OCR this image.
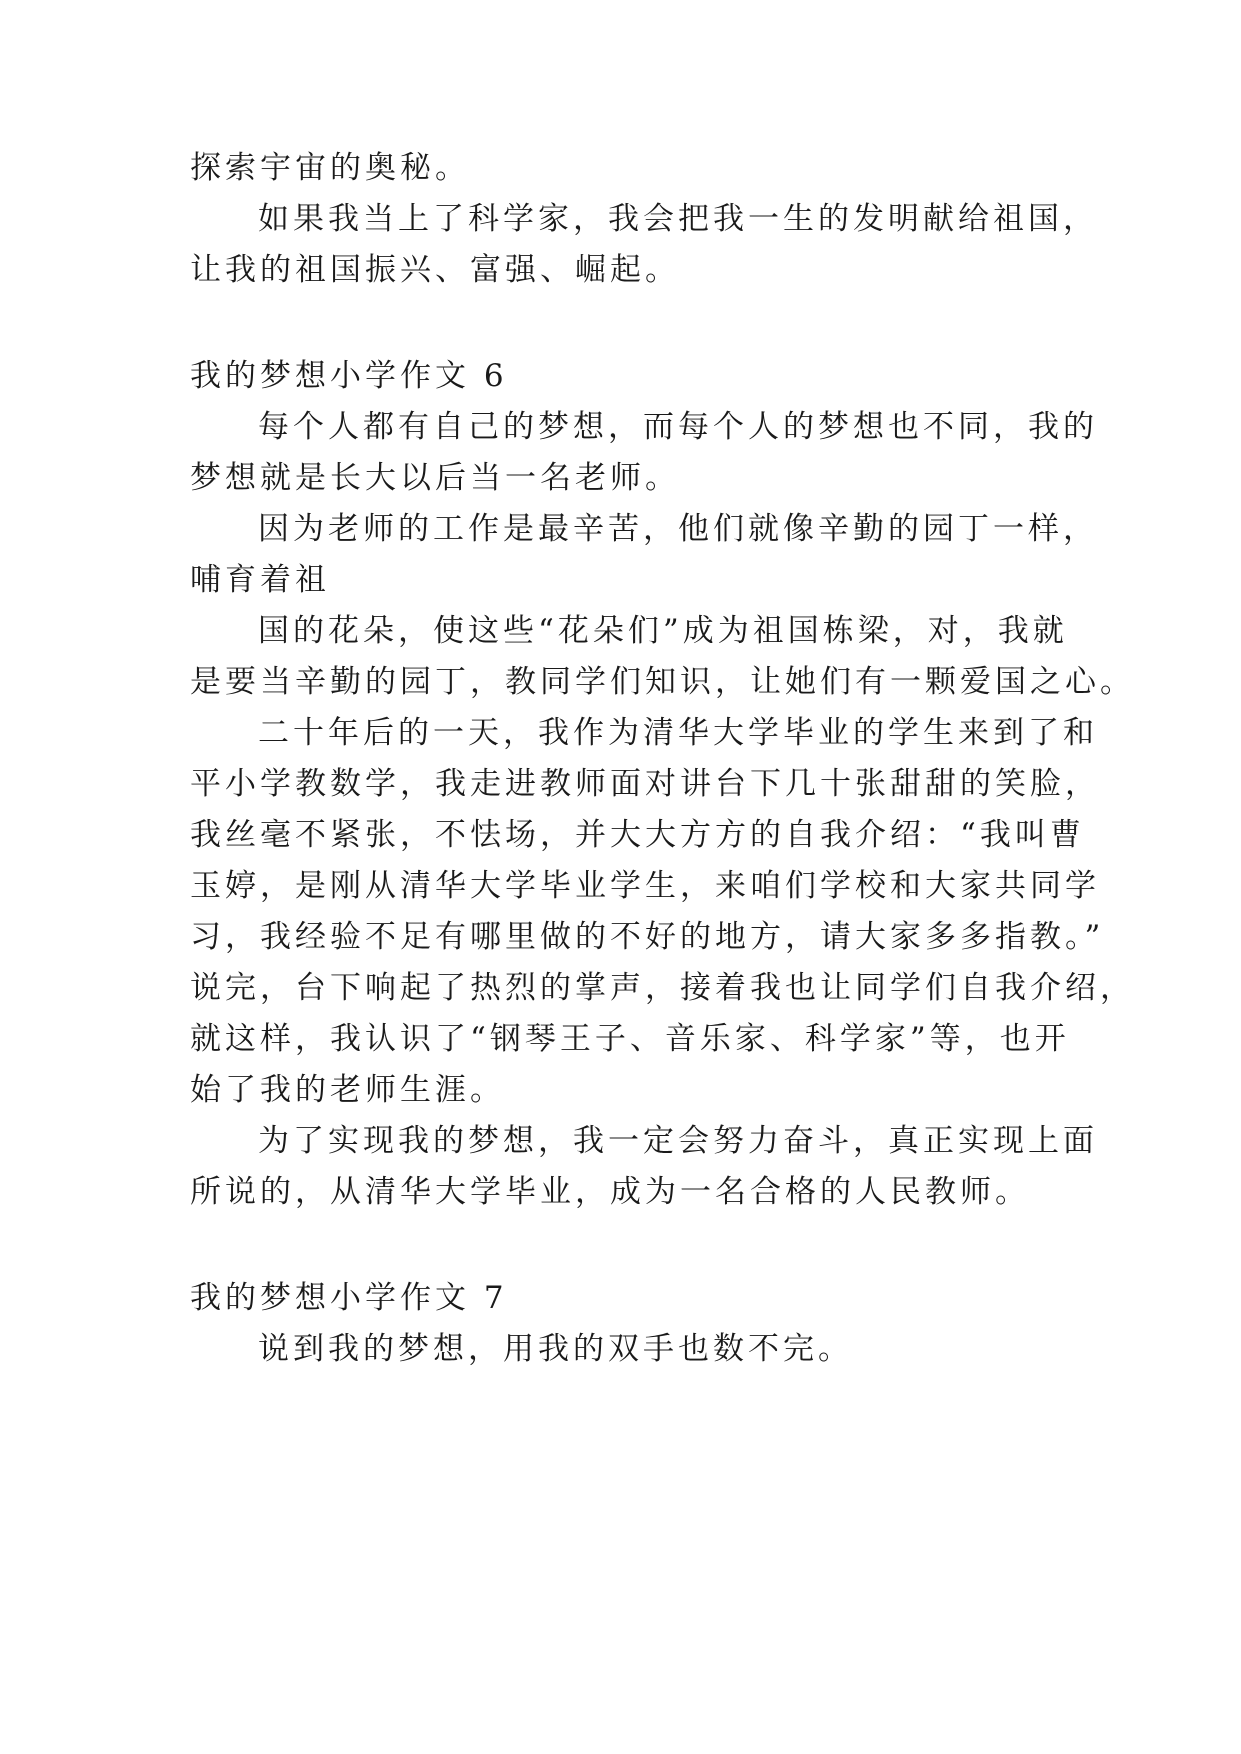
探索宇宙的奥秘。
如果我当上了科学家，我会把我一生的发明献给祖国，
让我的祖国振兴、富强、崛起。
我的梦想小学作文 6
每个人都有自己的梦想，而每个人的梦想也不同，我的
梦想就是长大以后当一名老师。
因为老师的工作是最辛苦，他们就像辛勤的园丁一样，
哺育着祖
国的花朵，使这些“花朵们”成为祖国栋梁，对，我就
是要当辛勤的园丁，教同学们知识，让她们有一颗爱国之心。
二十年后的一天，我作为清华大学毕业的学生来到了和
平小学教数学，我走进教师面对讲台下几十张甜甜的笑脸，
我丝毫不紧张，不怯场，并大大方方的自我介绍：“我叫曹
玉婷，是刚从清华大学毕业学生，来咱们学校和大家共同学
习，我经验不足有哪里做的不好的地方，请大家多多指教。”
说完，台下响起了热烈的掌声，接着我也让同学们自我介绍，
就这样，我认识了“钢琴王子、音乐家、科学家”等，也开
始了我的老师生涯。
为了实现我的梦想，我一定会努力奋斗，真正实现上面
所说的，从清华大学毕业，成为一名合格的人民教师。
我的梦想小学作文 7
说到我的梦想，用我的双手也数不完。
